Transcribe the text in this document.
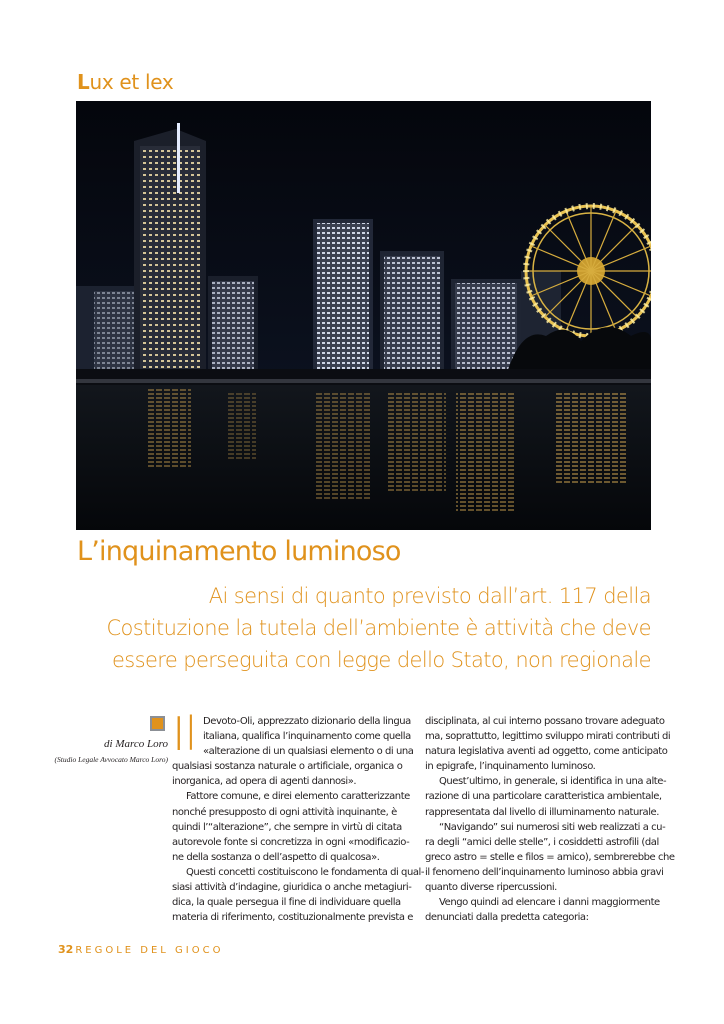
Lux et lex
L’inquinamento luminoso
Ai sensi di quanto previsto dall’art. 117 della
Costituzione la tutela dell’ambiente è attività che deve
essere perseguita con legge dello Stato, non regionale
di Marco Loro
(Studio Legale Avvocato Marco Loro) Il Devoto-Oli, apprezzato dizionario della lingua
italiana, qualifica l’inquinamento come quella
«alterazione di un qualsiasi elemento o di una
qualsiasi sostanza naturale o artificiale, organica o
inorganica, ad opera di agenti dannosi».
Fattore comune, e direi elemento caratterizzante
nonché presupposto di ogni attività inquinante, è
quindi l’“alterazione”, che sempre in virtù di citata
autorevole fonte si concretizza in ogni «modificazio-
ne della sostanza o dell’aspetto di qualcosa».
Questi concetti costituiscono le fondamenta di qual-
siasi attività d’indagine, giuridica o anche metagiuri-
dica, la quale persegua il fine di individuare quella
materia di riferimento, costituzionalmente prevista e
disciplinata, al cui interno possano trovare adeguato
ma, soprattutto, legittimo sviluppo mirati contributi di
natura legislativa aventi ad oggetto, come anticipato
in epigrafe, l’inquinamento luminoso.
Quest’ultimo, in generale, si identifica in una alte-
razione di una particolare caratteristica ambientale,
rappresentata dal livello di illuminamento naturale.
“Navigando” sui numerosi siti web realizzati a cu-
ra degli “amici delle stelle”, i cosiddetti astrofili (dal
greco astro = stelle e filos = amico), sembrerebbe che
il fenomeno dell’inquinamento luminoso abbia gravi
quanto diverse ripercussioni.
Vengo quindi ad elencare i danni maggiormente
denunciati dalla predetta categoria:
32 REGOLE DEL GIOCO
